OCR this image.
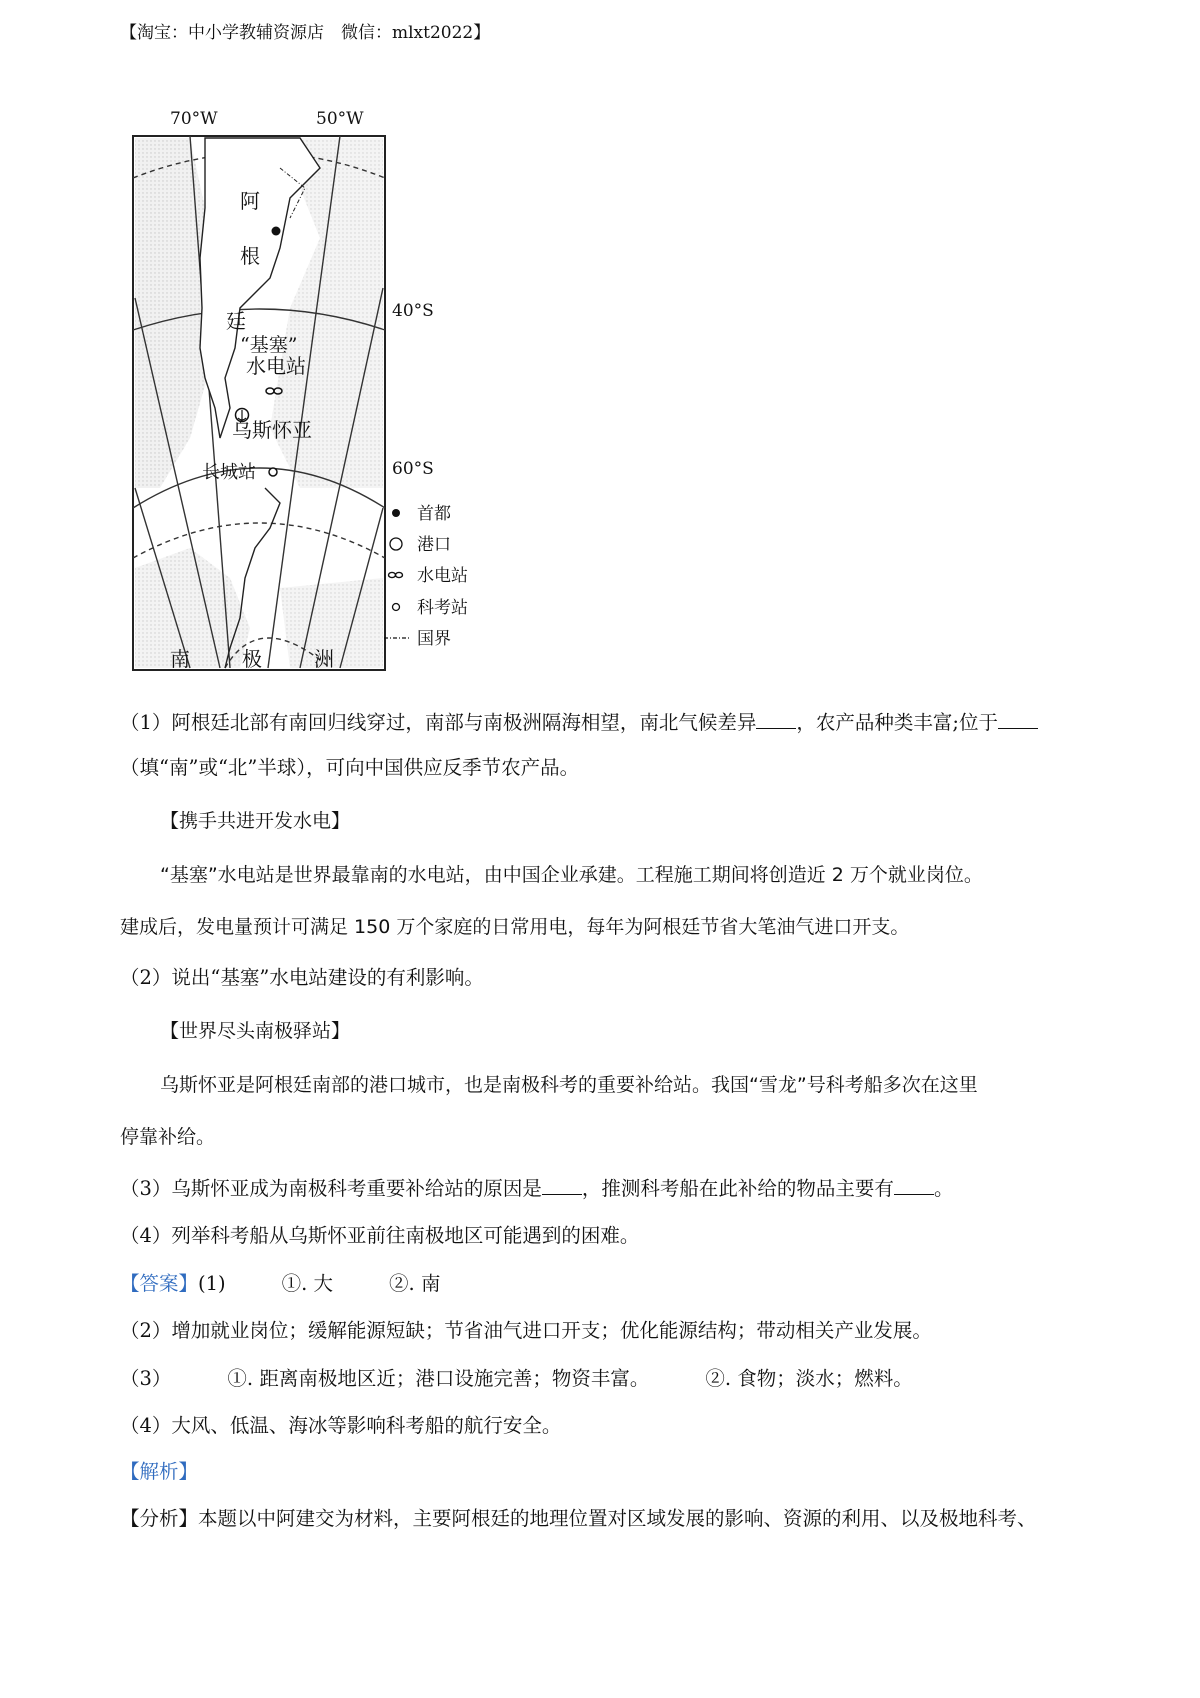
【淘宝：中小学教辅资源店　微信：mlxt2022】
70°W	50°W
40°S
60°S
阿
根
廷
“基塞”
水电站
乌斯怀亚
长城站
南	极	洲
首都
港口
水电站
科考站
国界
（1）阿根廷北部有南回归线穿过，南部与南极洲隔海相望，南北气候差异 ，农产品种类丰富;位于
（填“南”或“北”半球），可向中国供应反季节农产品。
【携手共进开发水电】
“基塞”水电站是世界最靠南的水电站，由中国企业承建。工程施工期间将创造近 2 万个就业岗位。
建成后，发电量预计可满足 150 万个家庭的日常用电，每年为阿根廷节省大笔油气进口开支。
（2）说出“基塞”水电站建设的有利影响。
【世界尽头南极驿站】
乌斯怀亚是阿根廷南部的港口城市，也是南极科考的重要补给站。我国“雪龙”号科考船多次在这里
停靠补给。
（3）乌斯怀亚成为南极科考重要补给站的原因是 ，推测科考船在此补给的物品主要有 。
（4）列举科考船从乌斯怀亚前往南极地区可能遇到的困难。
【答案】(1)	①. 大	②. 南
（2）增加就业岗位；缓解能源短缺；节省油气进口开支；优化能源结构；带动相关产业发展。
（3）	①. 距离南极地区近；港口设施完善；物资丰富。	②. 食物；淡水；燃料。
（4）大风、低温、海冰等影响科考船的航行安全。
【解析】
【分析】本题以中阿建交为材料，主要阿根廷的地理位置对区域发展的影响、资源的利用、以及极地科考、
